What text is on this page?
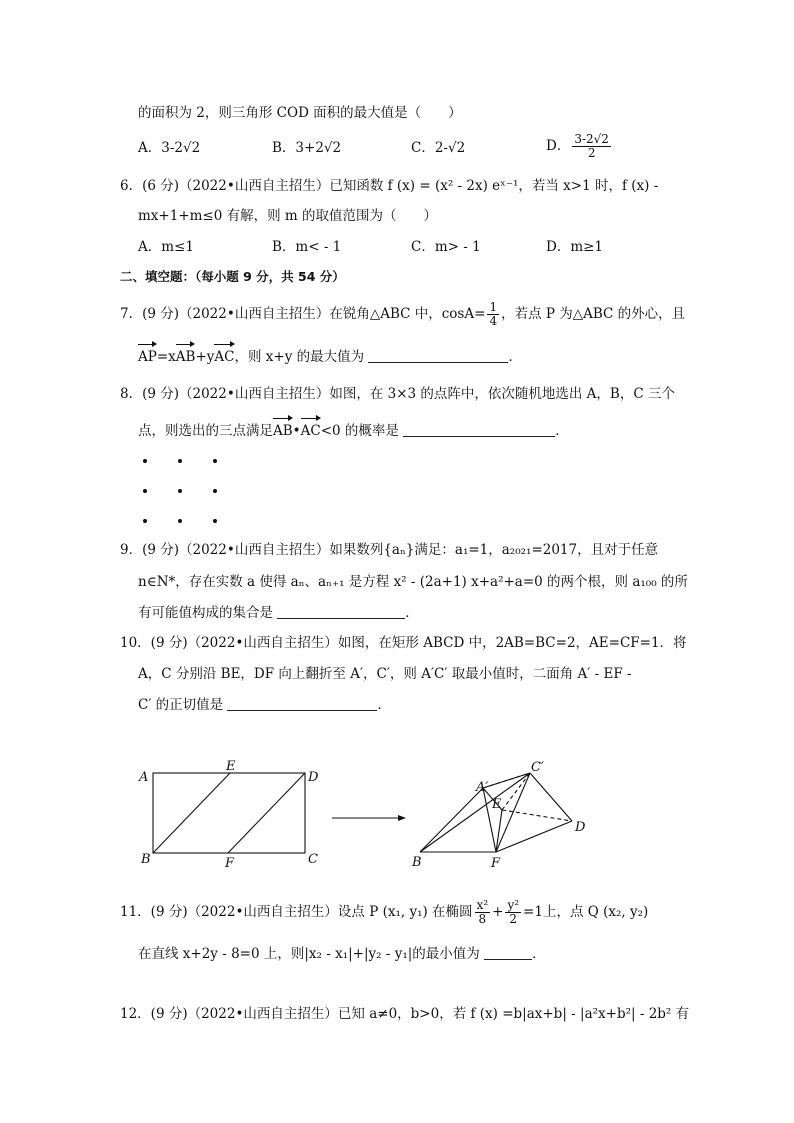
的面积为 2，则三角形 COD 面积的最大值是（　　）
A．3-2√2	B．3+2√2	C．2-√2	D． $\frac{3-2√2}{2}$
6．(6 分)（2022•山西自主招生）已知函数 f (x) = (x² - 2x) eˣ⁻¹，若当 x>1 时，f (x) -
mx+1+m≤0 有解，则 m 的取值范围为（　　）
A．m≤1	B．m< - 1	C．m> - 1	D．m≥1
二、填空题：（每小题 9 分，共 54 分）
7．(9 分)（2022•山西自主招生）在锐角△ABC 中，$\cos A= \frac{1}{4}$ ，若点 P 为△ABC 的外心，且
AP=xAB+yAC，则 x+y 的最大值为	．
8．(9 分)（2022•山西自主招生）如图，在 3×3 的点阵中，依次随机地选出 A，B，C 三个
点，则选出的三点满足AB•AC<0 的概率是	．
9．(9 分)（2022•山西自主招生）如果数列{aₙ}满足：a₁=1，a₂₀₂₁=2017，且对于任意
n∈N*，存在实数 a 使得 aₙ、aₙ₊₁ 是方程 x² - (2a+1) x+a²+a=0 的两个根，则 a₁₀₀ 的所
有可能值构成的集合是	．
10．(9 分)（2022•山西自主招生）如图，在矩形 ABCD 中，2AB=BC=2，AE=CF=1．将
A，C 分别沿 BE，DF 向上翻折至 A′，C′，则 A′C′ 取最小值时，二面角 A′ - EF -
C′ 的正切值是	．
A
E
D
B	F	C
C′
A′
E
D
B	F
11．(9 分)（2022•山西自主招生）设点 P (x₁, y₁) 在椭圆 $\frac{\text{x²}}{8} + \frac{\text{y²}}{2} =1$上，点 Q (x₂, y₂)
在直线 x+2y - 8=0 上，则|x₂ - x₁|+|y₂ - y₁|的最小值为	．
12．(9 分)（2022•山西自主招生）已知 a≠0，b>0，若 f (x) =b|ax+b| - |a²x+b²| - 2b² 有
